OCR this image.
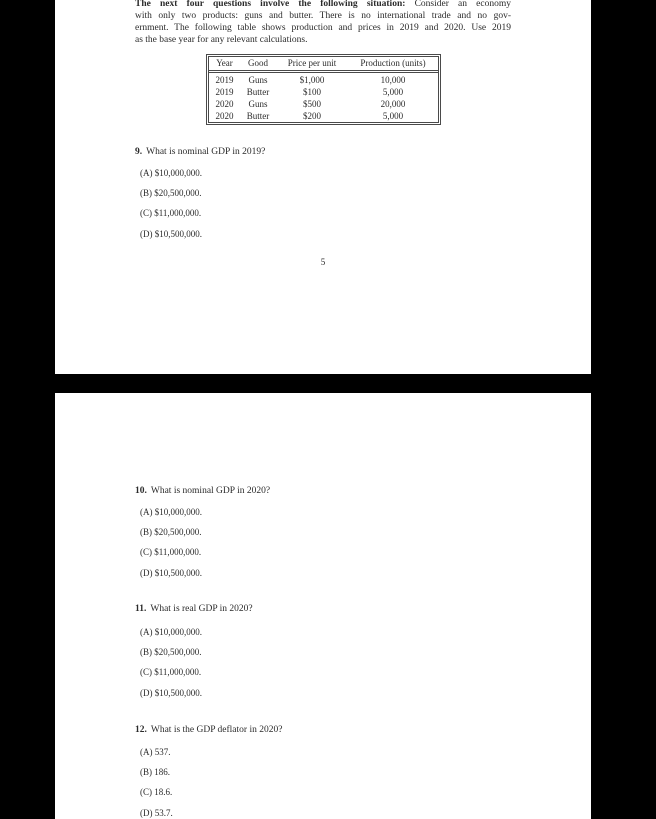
The next four questions involve the following situation: Consider an economy
with only two products: guns and butter. There is no international trade and no gov-
ernment. The following table shows production and prices in 2019 and 2020. Use 2019
as the base year for any relevant calculations.
Year	Good	Price per unit	Production (units)
2019	Guns	$1,000	10,000
2019	Butter	$100	5,000
2020	Guns	$500	20,000
2020	Butter	$200	5,000
9. What is nominal GDP in 2019?
(A) $10,000,000.
(B) $20,500,000.
(C) $11,000,000.
(D) $10,500,000.
5
10. What is nominal GDP in 2020?
(A) $10,000,000.
(B) $20,500,000.
(C) $11,000,000.
(D) $10,500,000.
11. What is real GDP in 2020?
(A) $10,000,000.
(B) $20,500,000.
(C) $11,000,000.
(D) $10,500,000.
12. What is the GDP deflator in 2020?
(A) 537.
(B) 186.
(C) 18.6.
(D) 53.7.
